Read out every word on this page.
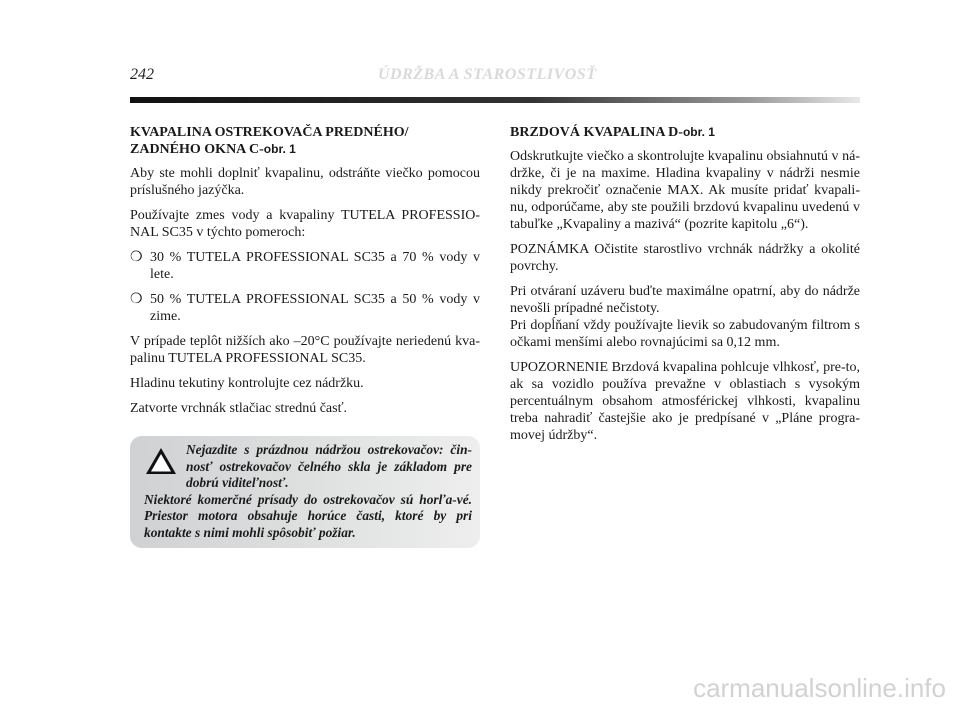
242	ÚDRŽBA A STAROSTLIVOSŤ
KVAPALINA OSTREKOVAČA PREDNÉHO/ ZADNÉHO OKNA C-obr. 1

Aby ste mohli doplniť kvapalinu, odstráňte viečko pomocou príslušného jazýčka.

Používajte zmes vody a kvapaliny TUTELA PROFESSIO-NAL SC35 v týchto pomeroch:

❍ 30 % TUTELA PROFESSIONAL SC35 a 70 % vody v lete.
❍ 50 % TUTELA PROFESSIONAL SC35 a 50 % vody v zime.

V prípade teplôt nižších ako –20°C používajte neriedenú kva-palinu TUTELA PROFESSIONAL SC35.

Hladinu tekutiny kontrolujte cez nádržku.

Zatvorte vrchnák stlačiac strednú časť.

Nejazdite s prázdnou nádržou ostrekovačov: čin-nosť ostrekovačov čelného skla je základom pre dobrú viditeľnosť.
Niektoré komerčné prísady do ostrekovačov sú horľa-vé. Priestor motora obsahuje horúce časti, ktoré by pri kontakte s nimi mohli spôsobiť požiar.
BRZDOVÁ KVAPALINA D-obr. 1

Odskrutkujte viečko a skontrolujte kvapalinu obsiahnutú v ná-držke, či je na maxime. Hladina kvapaliny v nádrži nesmie nikdy prekročiť označenie MAX. Ak musíte pridať kvapali-nu, odporúčame, aby ste použili brzdovú kvapalinu uvedenú v tabuľke „Kvapaliny a mazivá“ (pozrite kapitolu „6“).

POZNÁMKA Očistite starostlivo vrchnák nádržky a okolité povrchy.

Pri otváraní uzáveru buďte maximálne opatrní, aby do nádrže nevošli prípadné nečistoty.

Pri dopĺňaní vždy používajte lievik so zabudovaným filtrom s očkami menšími alebo rovnajúcimi sa 0,12 mm.

UPOZORNENIE Brzdová kvapalina pohlcuje vlhkosť, pre-to, ak sa vozidlo používa prevažne v oblastiach s vysokým percentuálnym obsahom atmosférickej vlhkosti, kvapalinu treba nahradiť častejšie ako je predpísané v „Pláne progra-movej údržby“.

carmanualsonline.info
